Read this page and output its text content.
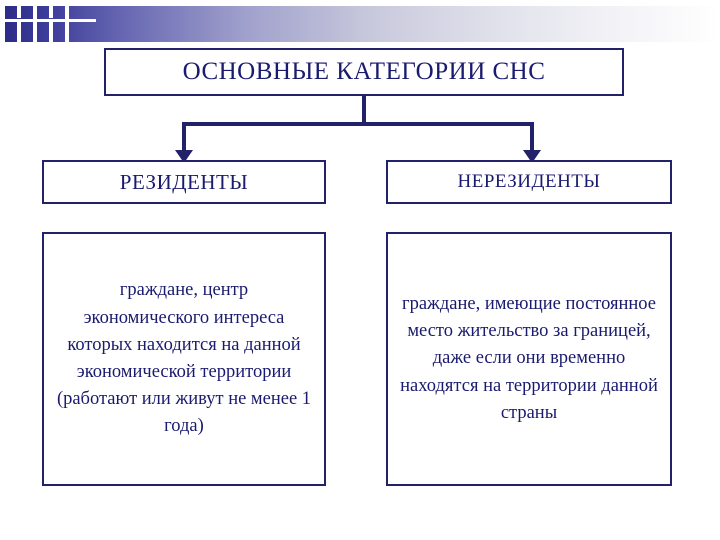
ОСНОВНЫЕ КАТЕГОРИИ СНС
РЕЗИДЕНТЫ	НЕРЕЗИДЕНТЫ
граждане, центр экономического интереса которых находится на данной экономической территории (работают или живут не менее 1 года)
граждане, имеющие постоянное место жительство за границей, даже если они временно находятся на территории данной страны
